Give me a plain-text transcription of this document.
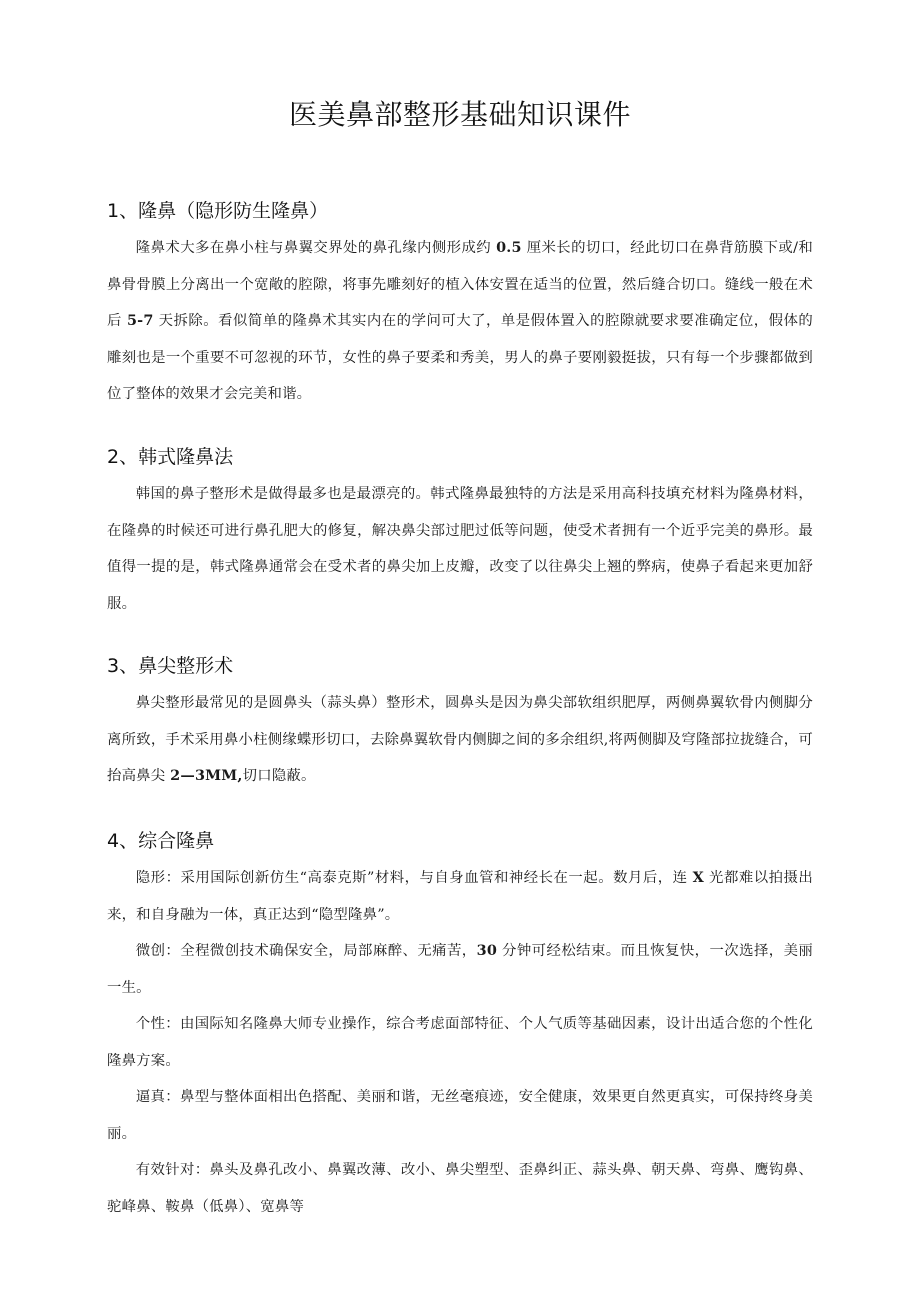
医美鼻部整形基础知识课件
1、隆鼻（隐形防生隆鼻）

隆鼻术大多在鼻小柱与鼻翼交界处的鼻孔缘内侧形成约 0.5 厘米长的切口，经此切口在鼻背筋膜下或/和鼻骨骨膜上分离出一个宽敞的腔隙，将事先雕刻好的植入体安置在适当的位置，然后缝合切口。缝线一般在术后 5-7 天拆除。看似简单的隆鼻术其实内在的学问可大了，单是假体置入的腔隙就要求要准确定位，假体的雕刻也是一个重要不可忽视的环节，女性的鼻子要柔和秀美，男人的鼻子要刚毅挺拔，只有每一个步骤都做到位了整体的效果才会完美和谐。

2、韩式隆鼻法

韩国的鼻子整形术是做得最多也是最漂亮的。韩式隆鼻最独特的方法是采用高科技填充材料为隆鼻材料，在隆鼻的时候还可进行鼻孔肥大的修复，解决鼻尖部过肥过低等问题，使受术者拥有一个近乎完美的鼻形。最值得一提的是，韩式隆鼻通常会在受术者的鼻尖加上皮瓣，改变了以往鼻尖上翘的弊病，使鼻子看起来更加舒服。

3、鼻尖整形术

鼻尖整形最常见的是圆鼻头（蒜头鼻）整形术，圆鼻头是因为鼻尖部软组织肥厚，两侧鼻翼软骨内侧脚分离所致，手术采用鼻小柱侧缘蝶形切口，去除鼻翼软骨内侧脚之间的多余组织,将两侧脚及穹隆部拉拢缝合，可抬高鼻尖 2—3MM,切口隐蔽。

4、综合隆鼻

隐形：采用国际创新仿生“高泰克斯”材料，与自身血管和神经长在一起。数月后，连 X 光都难以拍摄出来，和自身融为一体，真正达到“隐型隆鼻”。

微创：全程微创技术确保安全，局部麻醉、无痛苦，30 分钟可经松结束。而且恢复快，一次选择，美丽一生。

个性：由国际知名隆鼻大师专业操作，综合考虑面部特征、个人气质等基础因素，设计出适合您的个性化隆鼻方案。

逼真：鼻型与整体面相出色搭配、美丽和谐，无丝毫痕迹，安全健康，效果更自然更真实，可保持终身美丽。

有效针对：鼻头及鼻孔改小、鼻翼改薄、改小、鼻尖塑型、歪鼻纠正、蒜头鼻、朝天鼻、弯鼻、鹰钩鼻、驼峰鼻、鞍鼻（低鼻）、宽鼻等
